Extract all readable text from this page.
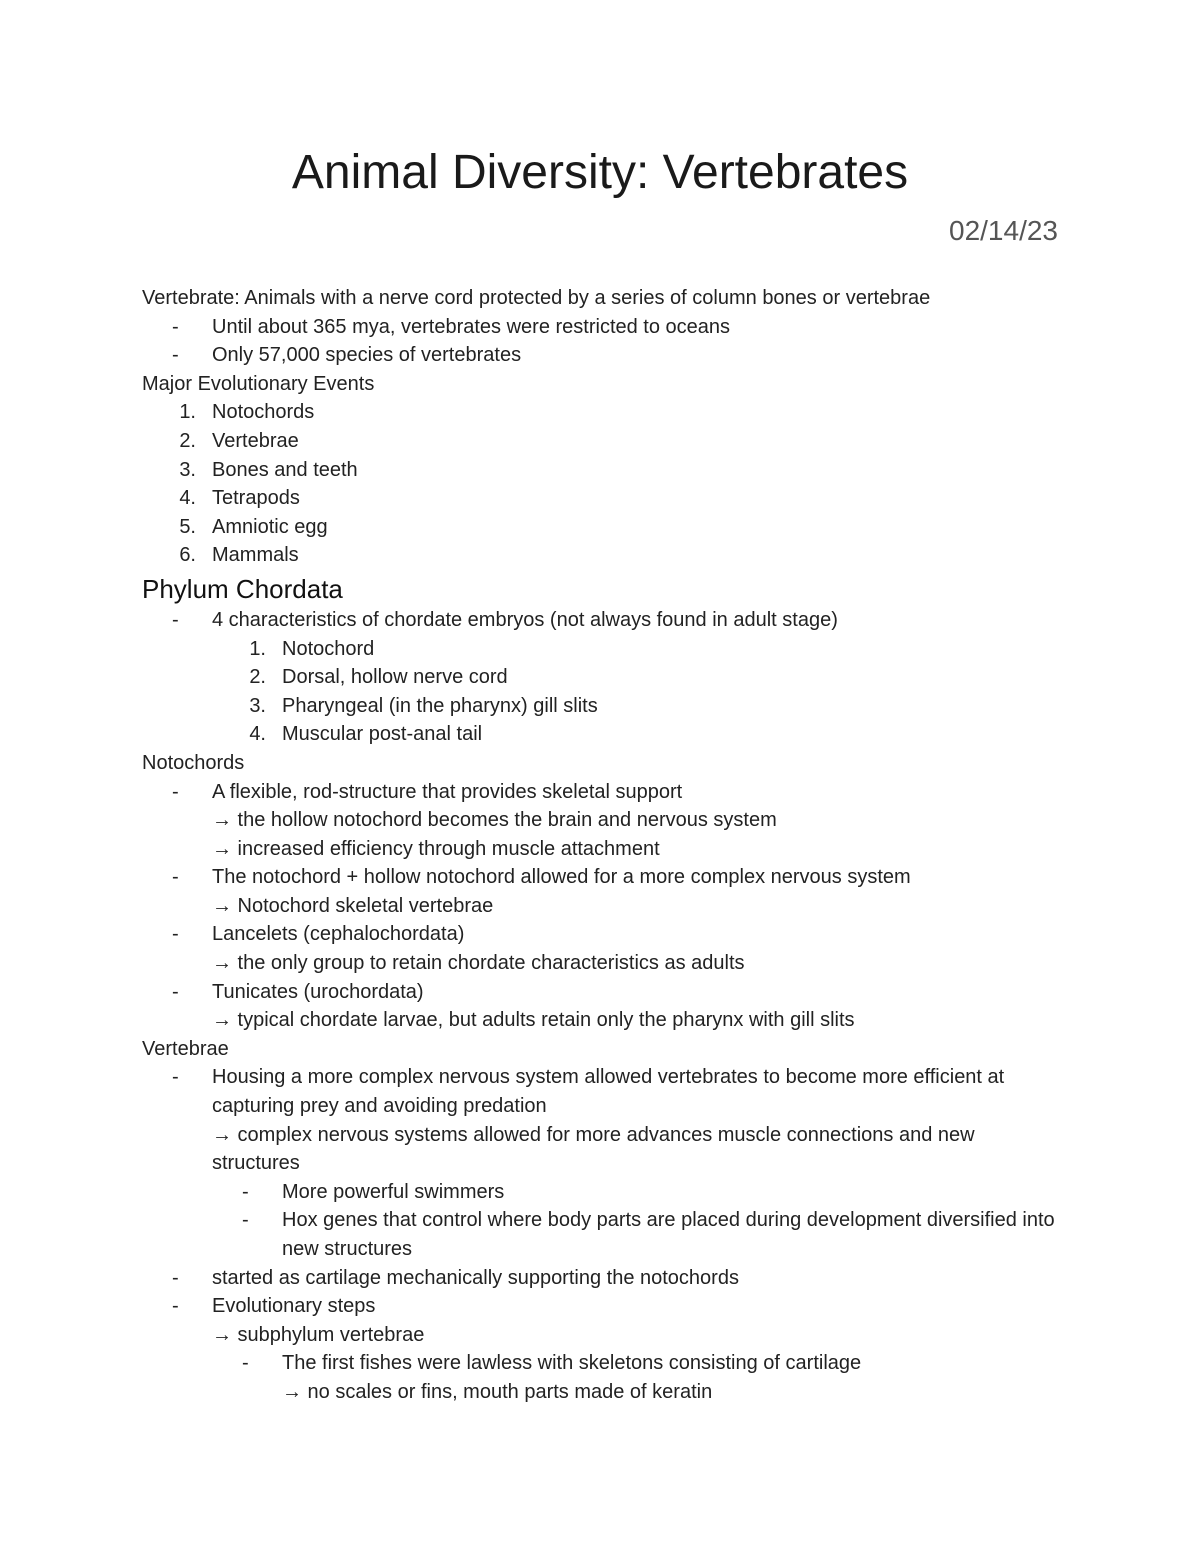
Animal Diversity: Vertebrates
02/14/23
Vertebrate: Animals with a nerve cord protected by a series of column bones or vertebrae
-	Until about 365 mya, vertebrates were restricted to oceans
-	Only 57,000 species of vertebrates
Major Evolutionary Events
1. Notochords
2. Vertebrae
3. Bones and teeth
4. Tetrapods
5. Amniotic egg
6. Mammals
Phylum Chordata
-	4 characteristics of chordate embryos (not always found in adult stage)
1. Notochord
2. Dorsal, hollow nerve cord
3. Pharyngeal (in the pharynx) gill slits
4. Muscular post-anal tail
Notochords
-	A flexible, rod-structure that provides skeletal support
→ the hollow notochord becomes the brain and nervous system
→ increased efficiency through muscle attachment
-	The notochord + hollow notochord allowed for a more complex nervous system
→ Notochord skeletal vertebrae
-	Lancelets (cephalochordata)
→ the only group to retain chordate characteristics as adults
-	Tunicates (urochordata)
→ typical chordate larvae, but adults retain only the pharynx with gill slits
Vertebrae
-	Housing a more complex nervous system allowed vertebrates to become more efficient at capturing prey and avoiding predation
→ complex nervous systems allowed for more advances muscle connections and new structures
-	More powerful swimmers
-	Hox genes that control where body parts are placed during development diversified into new structures
-	started as cartilage mechanically supporting the notochords
-	Evolutionary steps
→ subphylum vertebrae
-	The first fishes were lawless with skeletons consisting of cartilage
→ no scales or fins, mouth parts made of keratin
